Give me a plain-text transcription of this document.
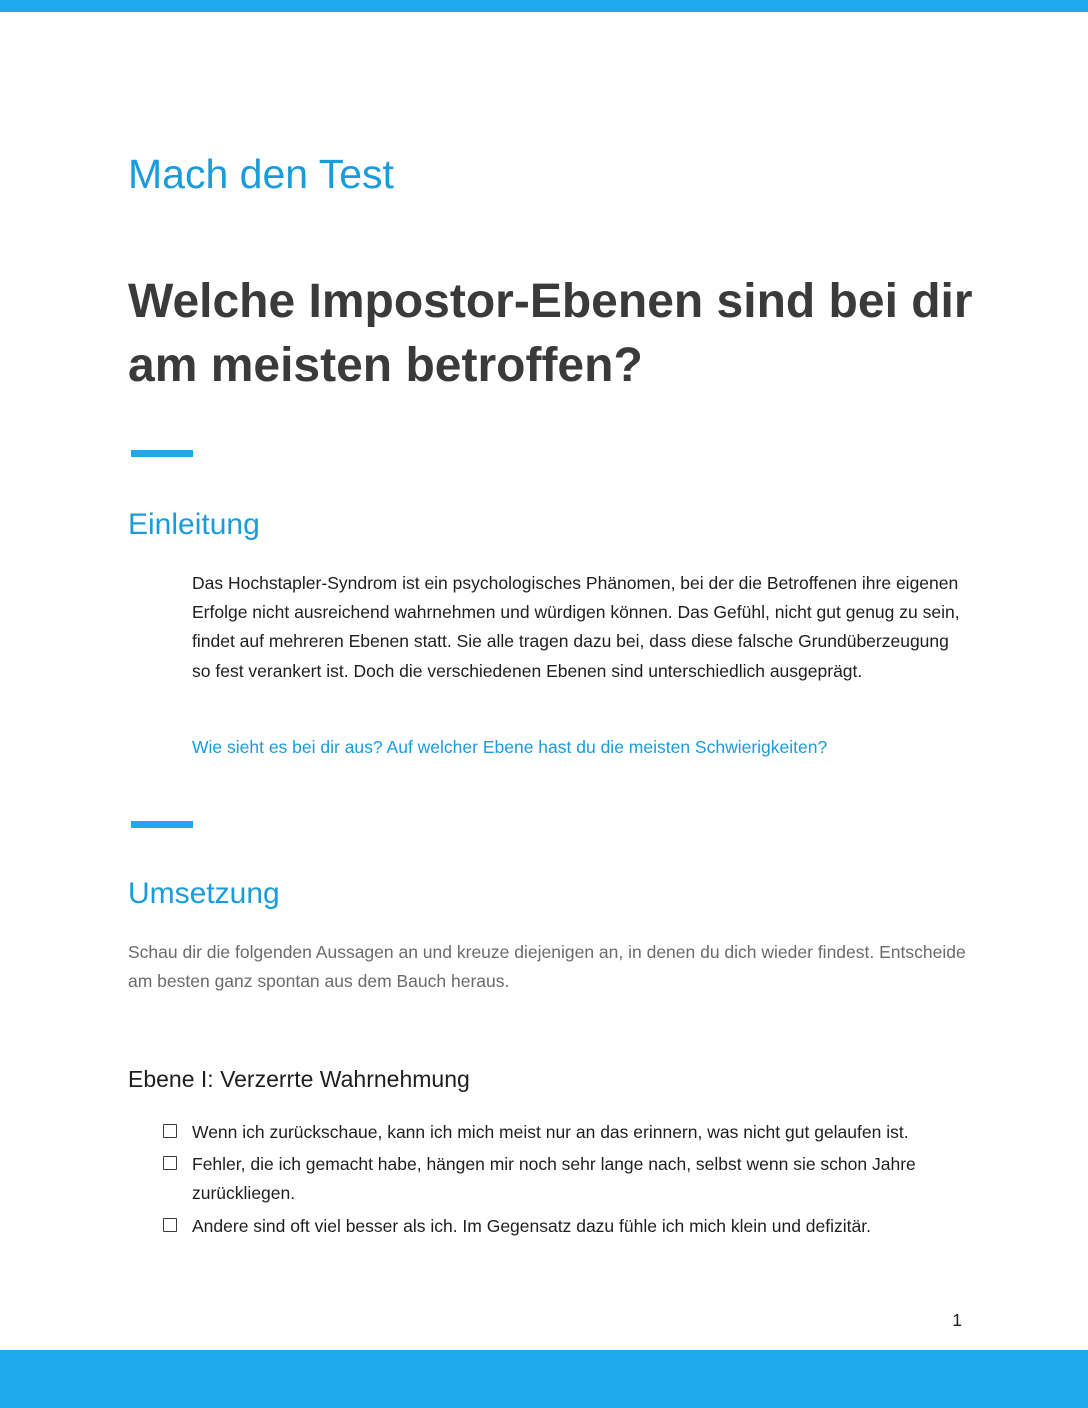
Mach den Test
Welche Impostor-Ebenen sind bei dir am meisten betroffen?
Einleitung

Das Hochstapler-Syndrom ist ein psychologisches Phänomen, bei der die Betroffenen ihre eigenen Erfolge nicht ausreichend wahrnehmen und würdigen können. Das Gefühl, nicht gut genug zu sein, findet auf mehreren Ebenen statt. Sie alle tragen dazu bei, dass diese falsche Grundüberzeugung so fest verankert ist. Doch die verschiedenen Ebenen sind unterschiedlich ausgeprägt.

Wie sieht es bei dir aus? Auf welcher Ebene hast du die meisten Schwierigkeiten?

Umsetzung

Schau dir die folgenden Aussagen an und kreuze diejenigen an, in denen du dich wieder findest. Entscheide am besten ganz spontan aus dem Bauch heraus.

Ebene I: Verzerrte Wahrnehmung
Wenn ich zurückschaue, kann ich mich meist nur an das erinnern, was nicht gut gelaufen ist.
Fehler, die ich gemacht habe, hängen mir noch sehr lange nach, selbst wenn sie schon Jahre zurückliegen.
Andere sind oft viel besser als ich. Im Gegensatz dazu fühle ich mich klein und defizitär.
1
